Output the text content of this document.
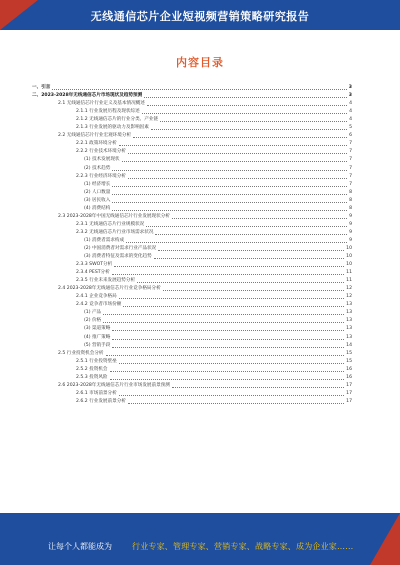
无线通信芯片企业短视频营销策略研究报告
内容目录
一、引言	3
二、2023-2028年无线通信芯片市场现状及趋势预测	3
2.1 无线通信芯片行业定义及基本情况概述	4
2.1.1 行业发展历程及现状综述	4
2.1.2 无线通信芯片的行业分类、产业链	4
2.1.3 行业发展的驱动力及影响因素	5
2.2 无线通信芯片行业宏观环境分析	6
2.2.1 政策环境分析	7
2.2.2 行业技术环境分析	7
(1) 技术发展现状	7
(2) 技术趋势	7
2.2.3 行业经济环境分析	7
(1) 经济增长	7
(2) 人口数量	8
(3) 居民收入	8
(4) 消费结构	8
2.3 2023-2028年中国无线通信芯片行业发展现状分析	9
2.3.1 无线通信芯片行业规模状况	9
2.3.2 无线通信芯片行业市场需求状况	9
(1) 消费者需求构成	9
(2) 中国消费者对需求行业产品状况	10
(3) 消费者特征及需求的变化趋势	10
2.3.3 SWOT分析	10
2.3.4 PEST分析	11
2.3.5 行业未来发展趋势分析	11
2.4 2023-2028年无线通信芯片行业竞争格局分析	12
2.4.1 企业竞争格局	12
2.4.2 竞争者市场份额	13
(1) 产品	13
(2) 价格	13
(3) 渠道策略	13
(4) 推广策略	13
(5) 营销手段	14
2.5 行业投资机会分析	15
2.5.1 行业投资壁垒	15
2.5.2 投资机会	16
2.5.3 投资风险	16
2.6 2023-2028年无线通信芯片行业市场发展前景预测	17
2.6.1 市场前景分析	17
2.6.2 行业发展前景分析	17
让每个人都能成为	行业专家、管理专家、营销专家、战略专家、成为企业家……
